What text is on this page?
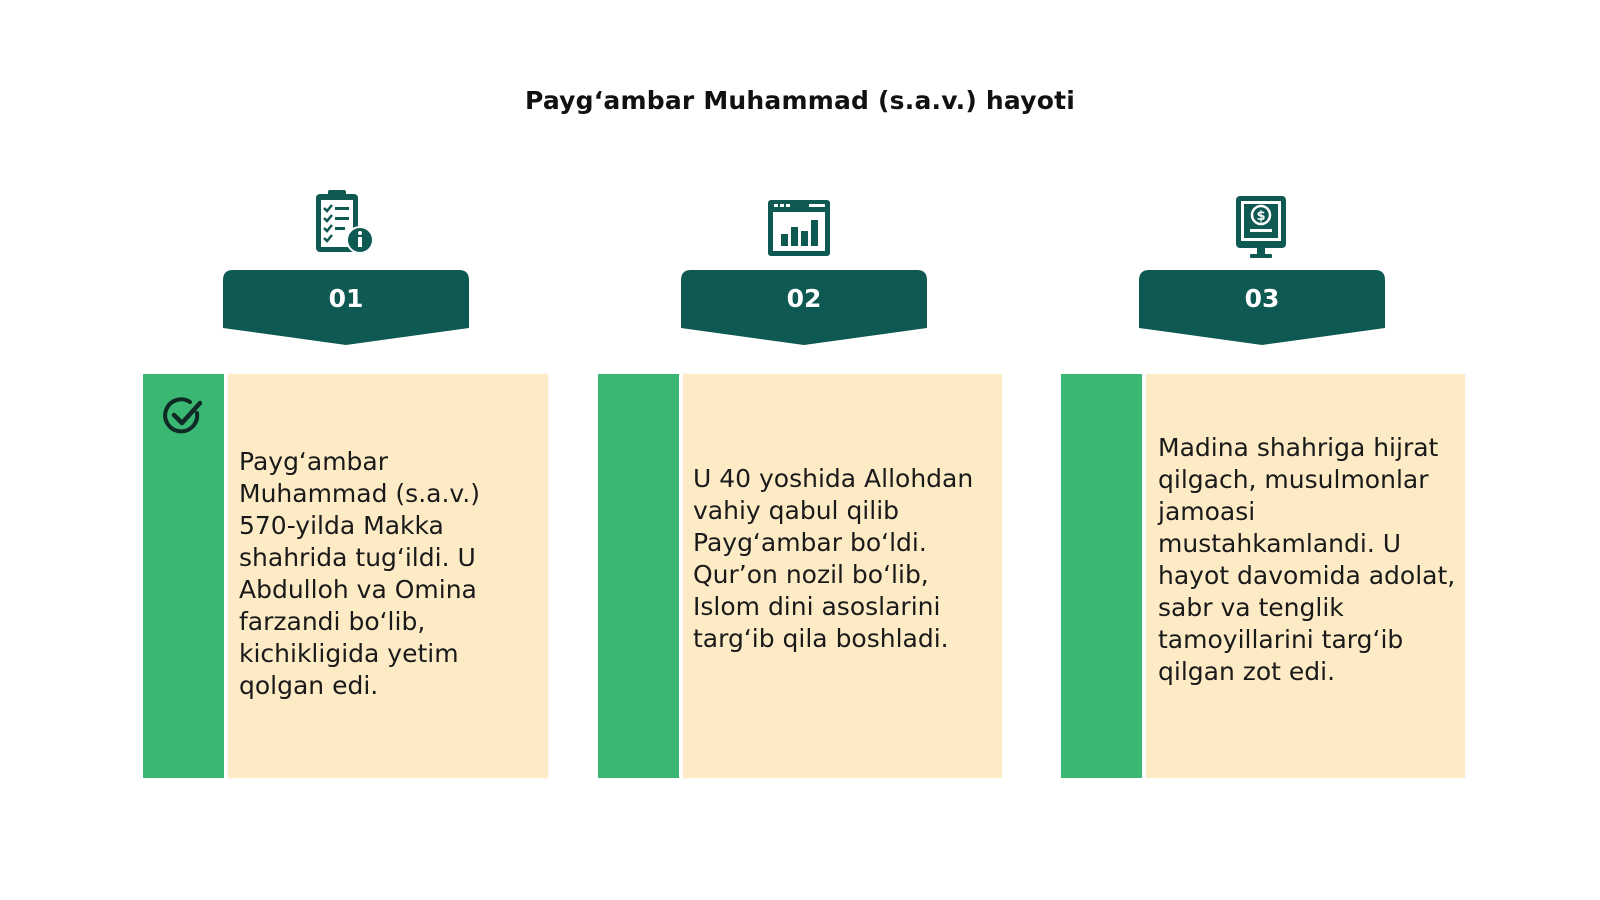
Payg‘ambar Muhammad (s.a.v.) hayoti
$
01	02	03
Payg‘ambar Muhammad (s.a.v.) 570-yilda Makka shahrida tug‘ildi. U Abdulloh va Omina farzandi bo‘lib, kichikligida yetim qolgan edi.
U 40 yoshida Allohdan vahiy qabul qilib Payg‘ambar bo‘ldi. Qur’on nozil bo‘lib, Islom dini asoslarini targ‘ib qila boshladi.
Madina shahriga hijrat qilgach, musulmonlar jamoasi mustahkamlandi. U hayot davomida adolat, sabr va tenglik tamoyillarini targ‘ib qilgan zot edi.
